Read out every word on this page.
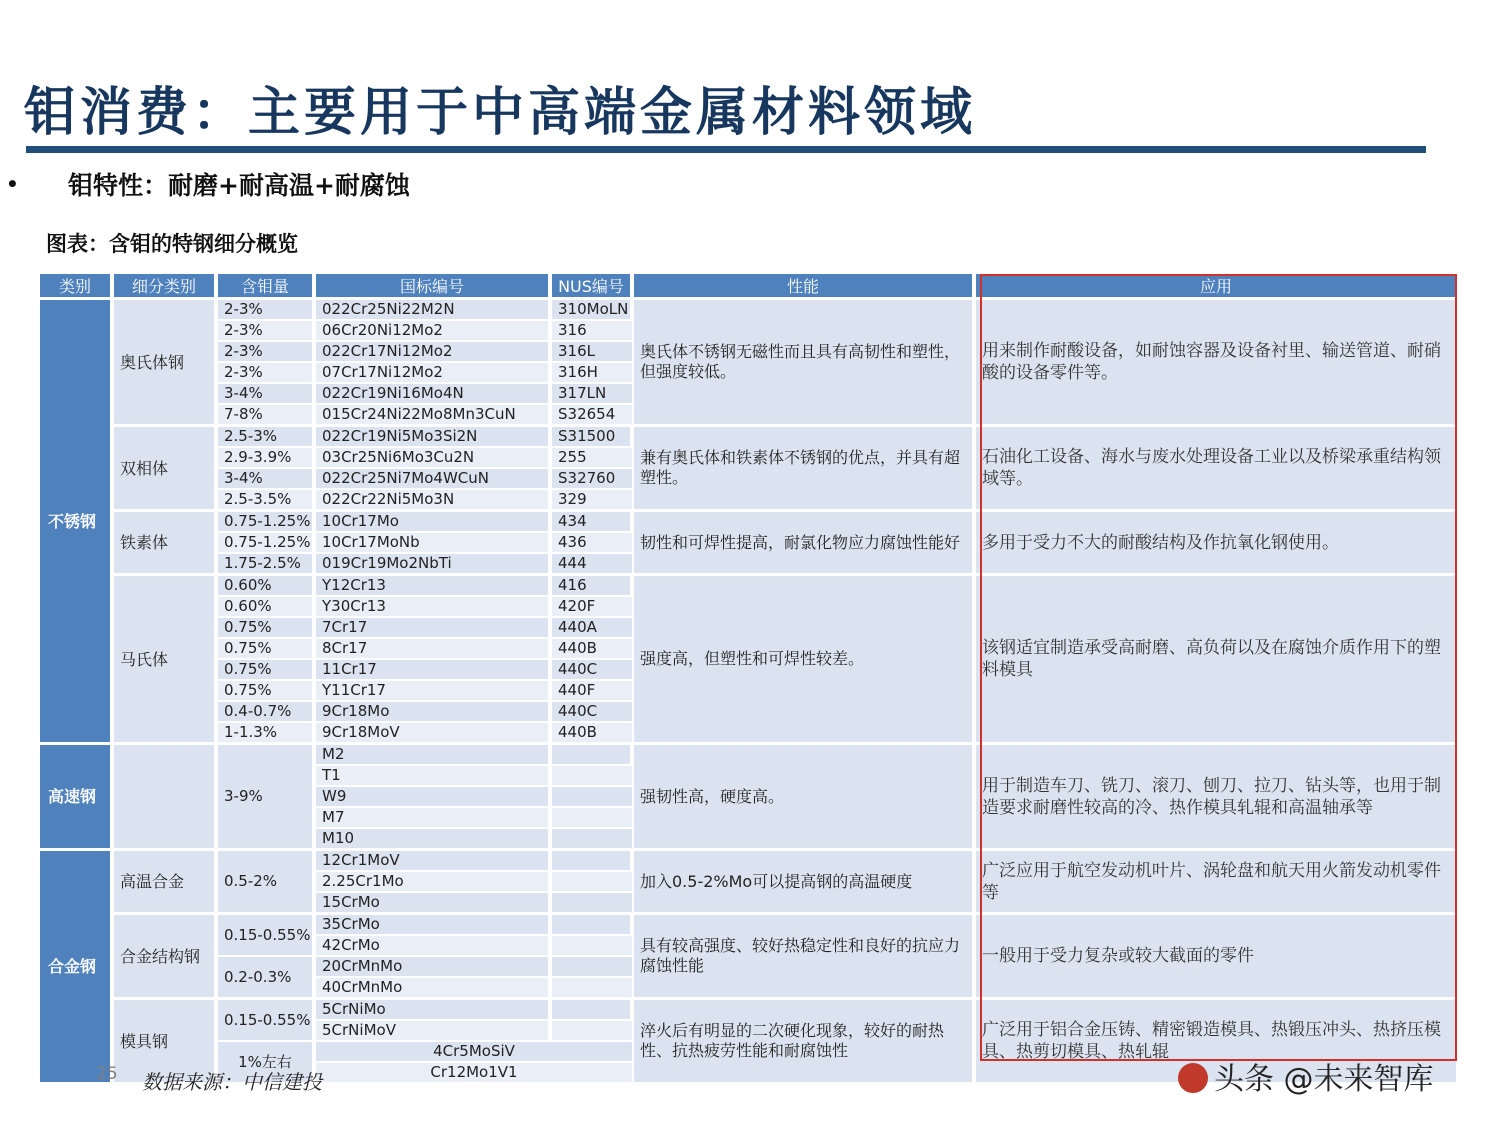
钼消费：主要用于中高端金属材料领域
• 钼特性：耐磨+耐高温+耐腐蚀
图表：含钼的特钢细分概览
类别	细分类别	含钼量	国标编号	NUS编号	性能	应用
不锈钢	奥氏体钢	2-3%	022Cr25Ni22M2N	310MoLN	奥氏体不锈钢无磁性而且具有高韧性和塑性，但强度较低。	用来制作耐酸设备，如耐蚀容器及设备衬里、输送管道、耐硝酸的设备零件等。
		2-3%	06Cr20Ni12Mo2	316		
		2-3%	022Cr17Ni12Mo2	316L		
		2-3%	07Cr17Ni12Mo2	316H		
		3-4%	022Cr19Ni16Mo4N	317LN		
		7-8%	015Cr24Ni22Mo8Mn3CuN	S32654		
	双相体	2.5-3%	022Cr19Ni5Mo3Si2N	S31500	兼有奥氏体和铁素体不锈钢的优点，并具有超塑性。	石油化工设备、海水与废水处理设备工业以及桥梁承重结构领域等。
		2.9-3.9%	03Cr25Ni6Mo3Cu2N	255		
		3-4%	022Cr25Ni7Mo4WCuN	S32760		
		2.5-3.5%	022Cr22Ni5Mo3N	329		
	铁素体	0.75-1.25%	10Cr17Mo	434	韧性和可焊性提高，耐氯化物应力腐蚀性能好	多用于受力不大的耐酸结构及作抗氧化钢使用。
		0.75-1.25%	10Cr17MoNb	436		
		1.75-2.5%	019Cr19Mo2NbTi	444		
	马氏体	0.60%	Y12Cr13	416	强度高，但塑性和可焊性较差。	该钢适宜制造承受高耐磨、高负荷以及在腐蚀介质作用下的塑料模具
		0.60%	Y30Cr13	420F		
		0.75%	7Cr17	440A		
		0.75%	8Cr17	440B		
		0.75%	11Cr17	440C		
		0.75%	Y11Cr17	440F		
		0.4-0.7%	9Cr18Mo	440C		
		1-1.3%	9Cr18MoV	440B		
高速钢		3-9%	M2		强韧性高，硬度高。	用于制造车刀、铣刀、滚刀、刨刀、拉刀、钻头等，也用于制造要求耐磨性较高的冷、热作模具轧辊和高温轴承等
			T1			
			W9			
			M7			
			M10			
合金钢	高温合金	0.5-2%	12Cr1MoV		加入0.5-2%Mo可以提高钢的高温硬度	广泛应用于航空发动机叶片、涡轮盘和航天用火箭发动机零件等
			2.25Cr1Mo			
			15CrMo			
	合金结构钢	0.15-0.55%	35CrMo		具有较高强度、较好热稳定性和良好的抗应力腐蚀性能	一般用于受力复杂或较大截面的零件
			42CrMo			
		0.2-0.3%	20CrMnMo			
			40CrMnMo			
	模具钢	0.15-0.55%	5CrNiMo		淬火后有明显的二次硬化现象，较好的耐热性、抗热疲劳性能和耐腐蚀性	广泛用于铝合金压铸、精密锻造模具、热锻压冲头、热挤压模具、热剪切模具、热轧辊
			5CrNiMoV			
		1%左右	4Cr5MoSiV			
			Cr12Mo1V1			
25 数据来源：中信建投	头条 @未来智库
